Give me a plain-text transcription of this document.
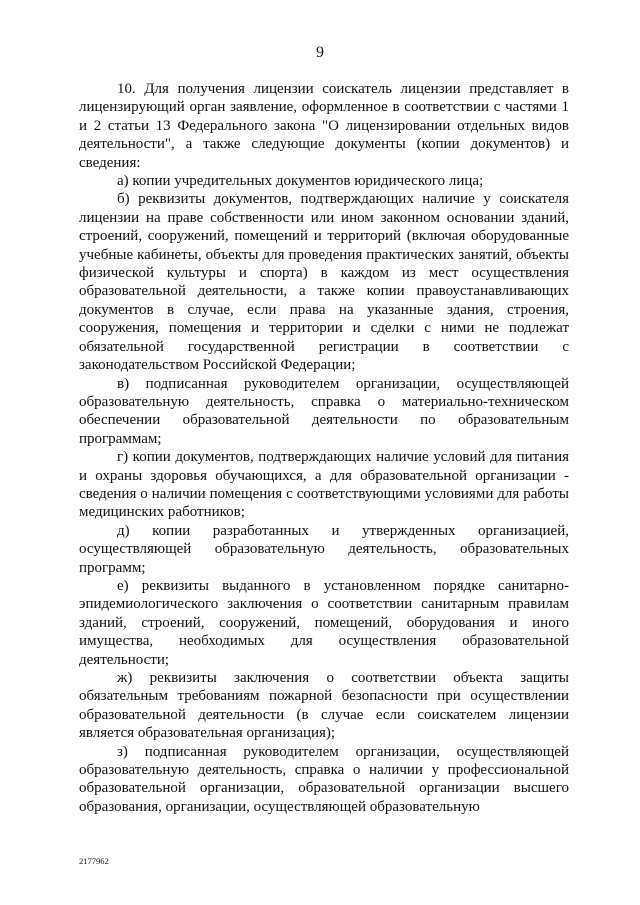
9

10. Для получения лицензии соискатель лицензии представляет в лицензирующий орган заявление, оформленное в соответствии с частями 1 и 2 статьи 13 Федерального закона "О лицензировании отдельных видов деятельности", а также следующие документы (копии документов) и сведения:

а) копии учредительных документов юридического лица;

б) реквизиты документов, подтверждающих наличие у соискателя лицензии на праве собственности или ином законном основании зданий, строений, сооружений, помещений и территорий (включая оборудованные учебные кабинеты, объекты для проведения практических занятий, объекты физической культуры и спорта) в каждом из мест осуществления образовательной деятельности, а также копии правоустанавливающих документов в случае, если права на указанные здания, строения, сооружения, помещения и территории и сделки с ними не подлежат обязательной государственной регистрации в соответствии с законодательством Российской Федерации;

в) подписанная руководителем организации, осуществляющей образовательную деятельность, справка о материально-техническом обеспечении образовательной деятельности по образовательным программам;

г) копии документов, подтверждающих наличие условий для питания и охраны здоровья обучающихся, а для образовательной организации - сведения о наличии помещения с соответствующими условиями для работы медицинских работников;

д) копии разработанных и утвержденных организацией, осуществляющей образовательную деятельность, образовательных программ;

е) реквизиты выданного в установленном порядке санитарно-эпидемиологического заключения о соответствии санитарным правилам зданий, строений, сооружений, помещений, оборудования и иного имущества, необходимых для осуществления образовательной деятельности;

ж) реквизиты заключения о соответствии объекта защиты обязательным требованиям пожарной безопасности при осуществлении образовательной деятельности (в случае если соискателем лицензии является образовательная организация);

з) подписанная руководителем организации, осуществляющей образовательную деятельность, справка о наличии у профессиональной образовательной организации, образовательной организации высшего образования, организации, осуществляющей образовательную

2177962
